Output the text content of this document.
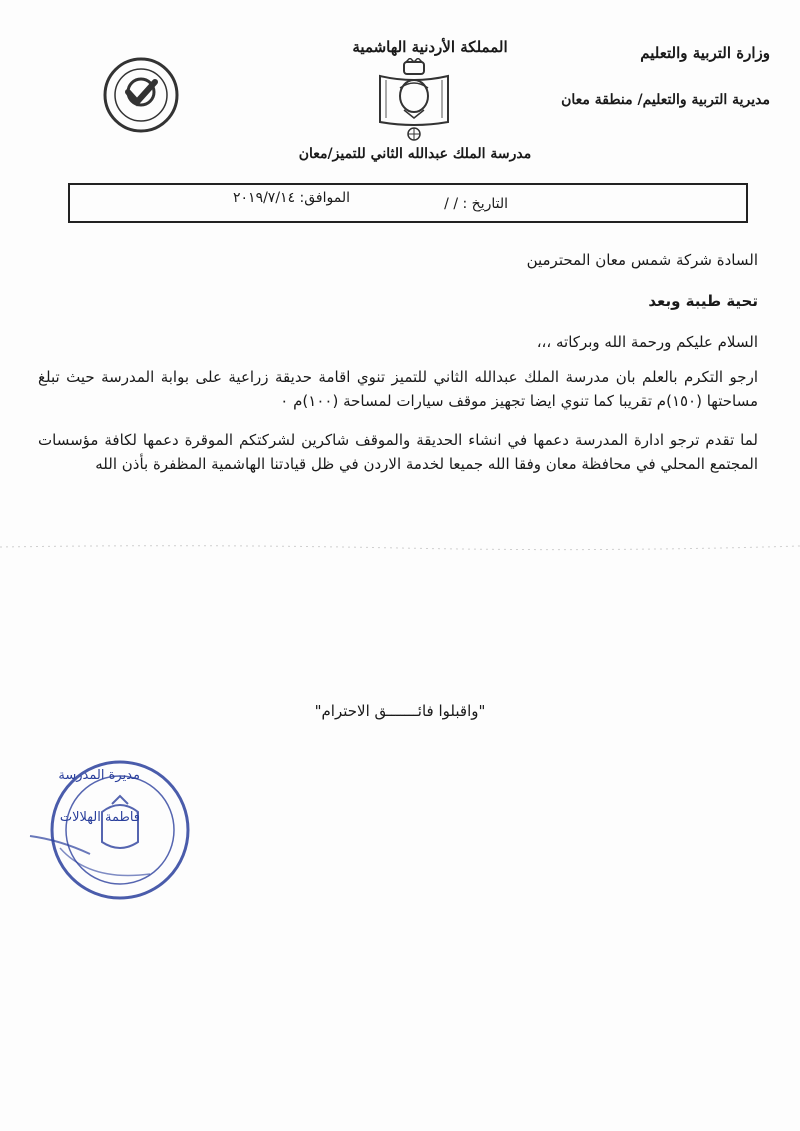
المملكة الأردنية الهاشمية	وزارة التربية والتعليم
مديرية التربية والتعليم/ منطقة معان
مدرسة الملك عبدالله الثاني للتميز/معان
التاريخ : / /
الموافق: ٢٠١٩/٧/١٤
السادة شركة شمس معان المحترمين
تحية طيبة وبعد
السلام عليكم ورحمة الله وبركاته ،،،
ارجو التكرم بالعلم بان مدرسة الملك عبدالله الثاني للتميز تنوي اقامة حديقة زراعية على بوابة المدرسة حيث تبلغ مساحتها (١٥٠)م تقريبا كما تنوي ايضا تجهيز موقف سيارات لمساحة (١٠٠)م ٠
لما تقدم ترجو ادارة المدرسة دعمها في انشاء الحديقة والموقف شاكرين لشركتكم الموقرة دعمها لكافة مؤسسات المجتمع المحلي في محافظة معان وفقا الله جميعا لخدمة الاردن في ظل قيادتنا الهاشمية المظفرة بأذن الله
"واقبلوا فائـــــــق الاحترام"
مديرة المدرسة
فاطمة الهلالات
